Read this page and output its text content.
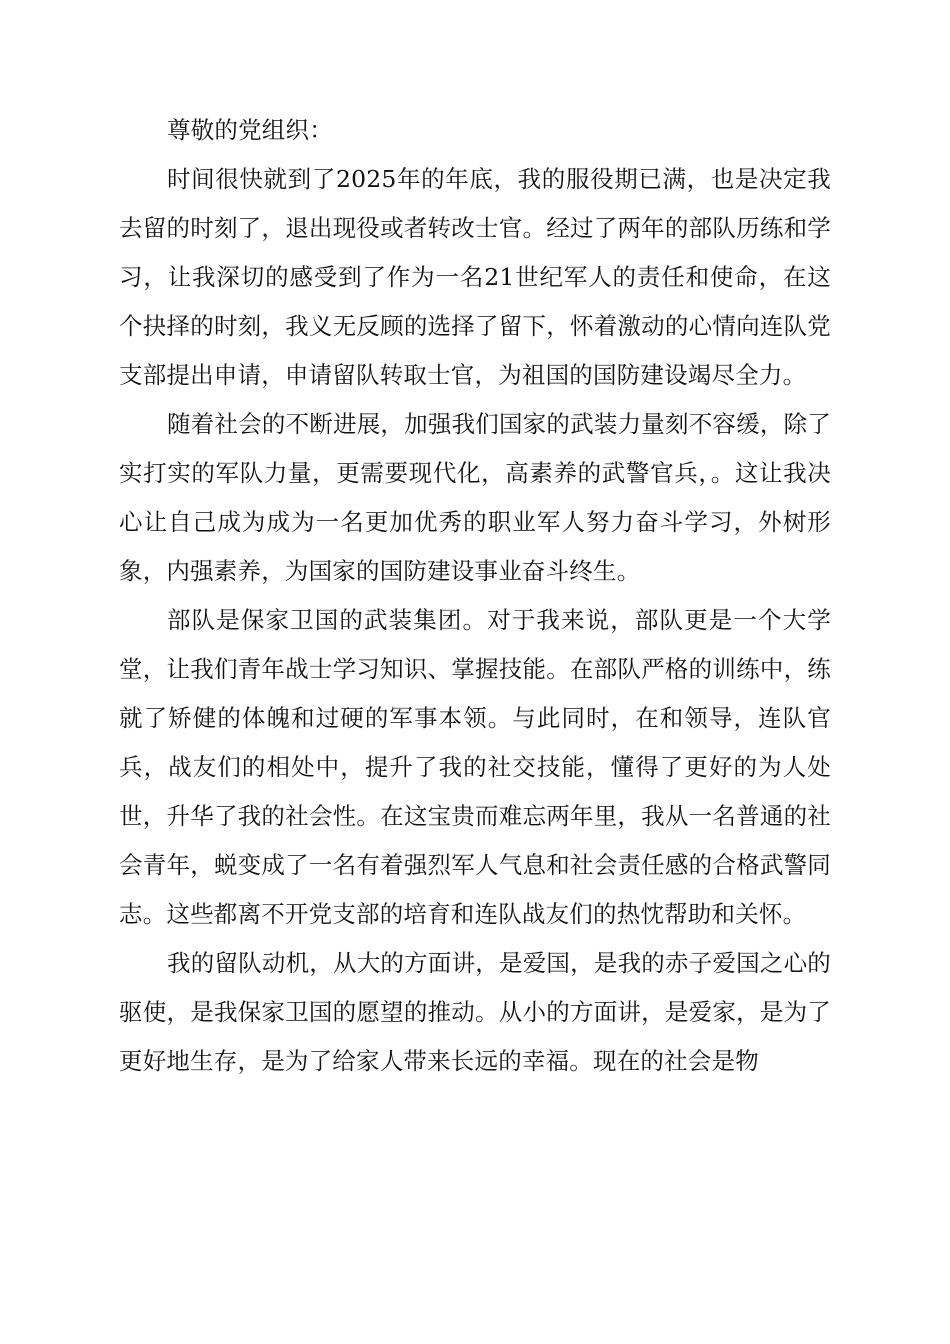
尊敬的党组织：

时间很快就到了2025年的年底，我的服役期已满，也是决定我去留的时刻了，退出现役或者转改士官。经过了两年的部队历练和学习，让我深切的感受到了作为一名21世纪军人的责任和使命，在这个抉择的时刻，我义无反顾的选择了留下，怀着激动的心情向连队党支部提出申请，申请留队转取士官，为祖国的国防建设竭尽全力。

随着社会的不断进展，加强我们国家的武装力量刻不容缓，除了实打实的军队力量，更需要现代化，高素养的武警官兵，。这让我决心让自己成为成为一名更加优秀的职业军人努力奋斗学习，外树形象，内强素养，为国家的国防建设事业奋斗终生。

部队是保家卫国的武装集团。对于我来说，部队更是一个大学堂，让我们青年战士学习知识、掌握技能。在部队严格的训练中，练就了矫健的体魄和过硬的军事本领。与此同时，在和领导，连队官兵，战友们的相处中，提升了我的社交技能，懂得了更好的为人处世，升华了我的社会性。在这宝贵而难忘两年里，我从一名普通的社会青年，蜕变成了一名有着强烈军人气息和社会责任感的合格武警同志。这些都离不开党支部的培育和连队战友们的热忱帮助和关怀。

我的留队动机，从大的方面讲，是爱国，是我的赤子爱国之心的驱使，是我保家卫国的愿望的推动。从小的方面讲，是爱家，是为了更好地生存，是为了给家人带来长远的幸福。现在的社会是物
